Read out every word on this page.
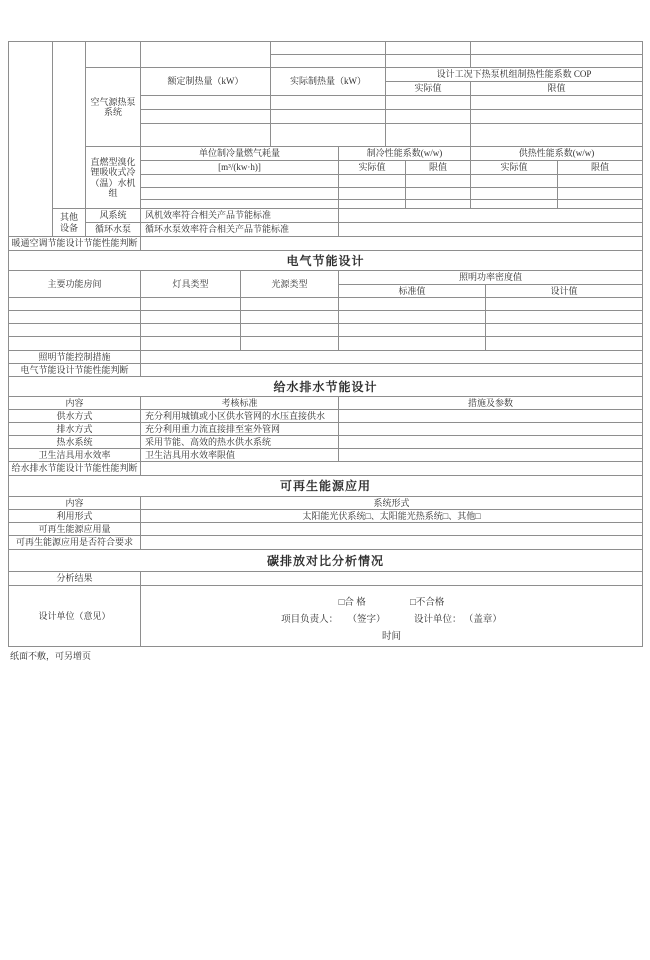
		空气源热泵系统	额定制热量（kW）		实际制热量（kW）		设计工况下热泵机组制热性能系数 COP				
							实际值		限值		

		直燃型溴化锂吸收式冷（温）水机组	单位制冷量燃气耗量			制冷性能系数(w/w)			供热性能系数(w/w)		
			[m³/(kw·h)]			实际值		限值	实际值		限值

	其他设备	风系统	风机效率符合相关产品节能标准								
		循环水泵	循环水泵效率符合相关产品节能标准								
暖通空调节能设计节能性能判断											
电气节能设计											
主要功能房间			灯具类型	光源类型		照明功率密度值					
						标准值				设计值	

照明节能控制措施											
电气节能设计节能性能判断											
给水排水节能设计											
内容			考核标准			措施及参数					
供水方式			充分利用城镇或小区供水管网的水压直接供水								
排水方式			充分利用重力流直接排至室外管网								
热水系统			采用节能、高效的热水供水系统								
卫生洁具用水效率			卫生洁具用水效率限值								
给水排水节能设计节能性能判断											
可再生能源应用											
内容			系统形式								
利用形式			太阳能光伏系统□、太阳能光热系统□、其他□								
可再生能源应用量											
可再生能源应用是否符合要求											
碳排放对比分析情况											
分析结果											
设计单位（意见）			□合 格 □不合格
项目负责人： （签字） 设计单位： （盖章）
时间								
纸面不敷，可另增页
